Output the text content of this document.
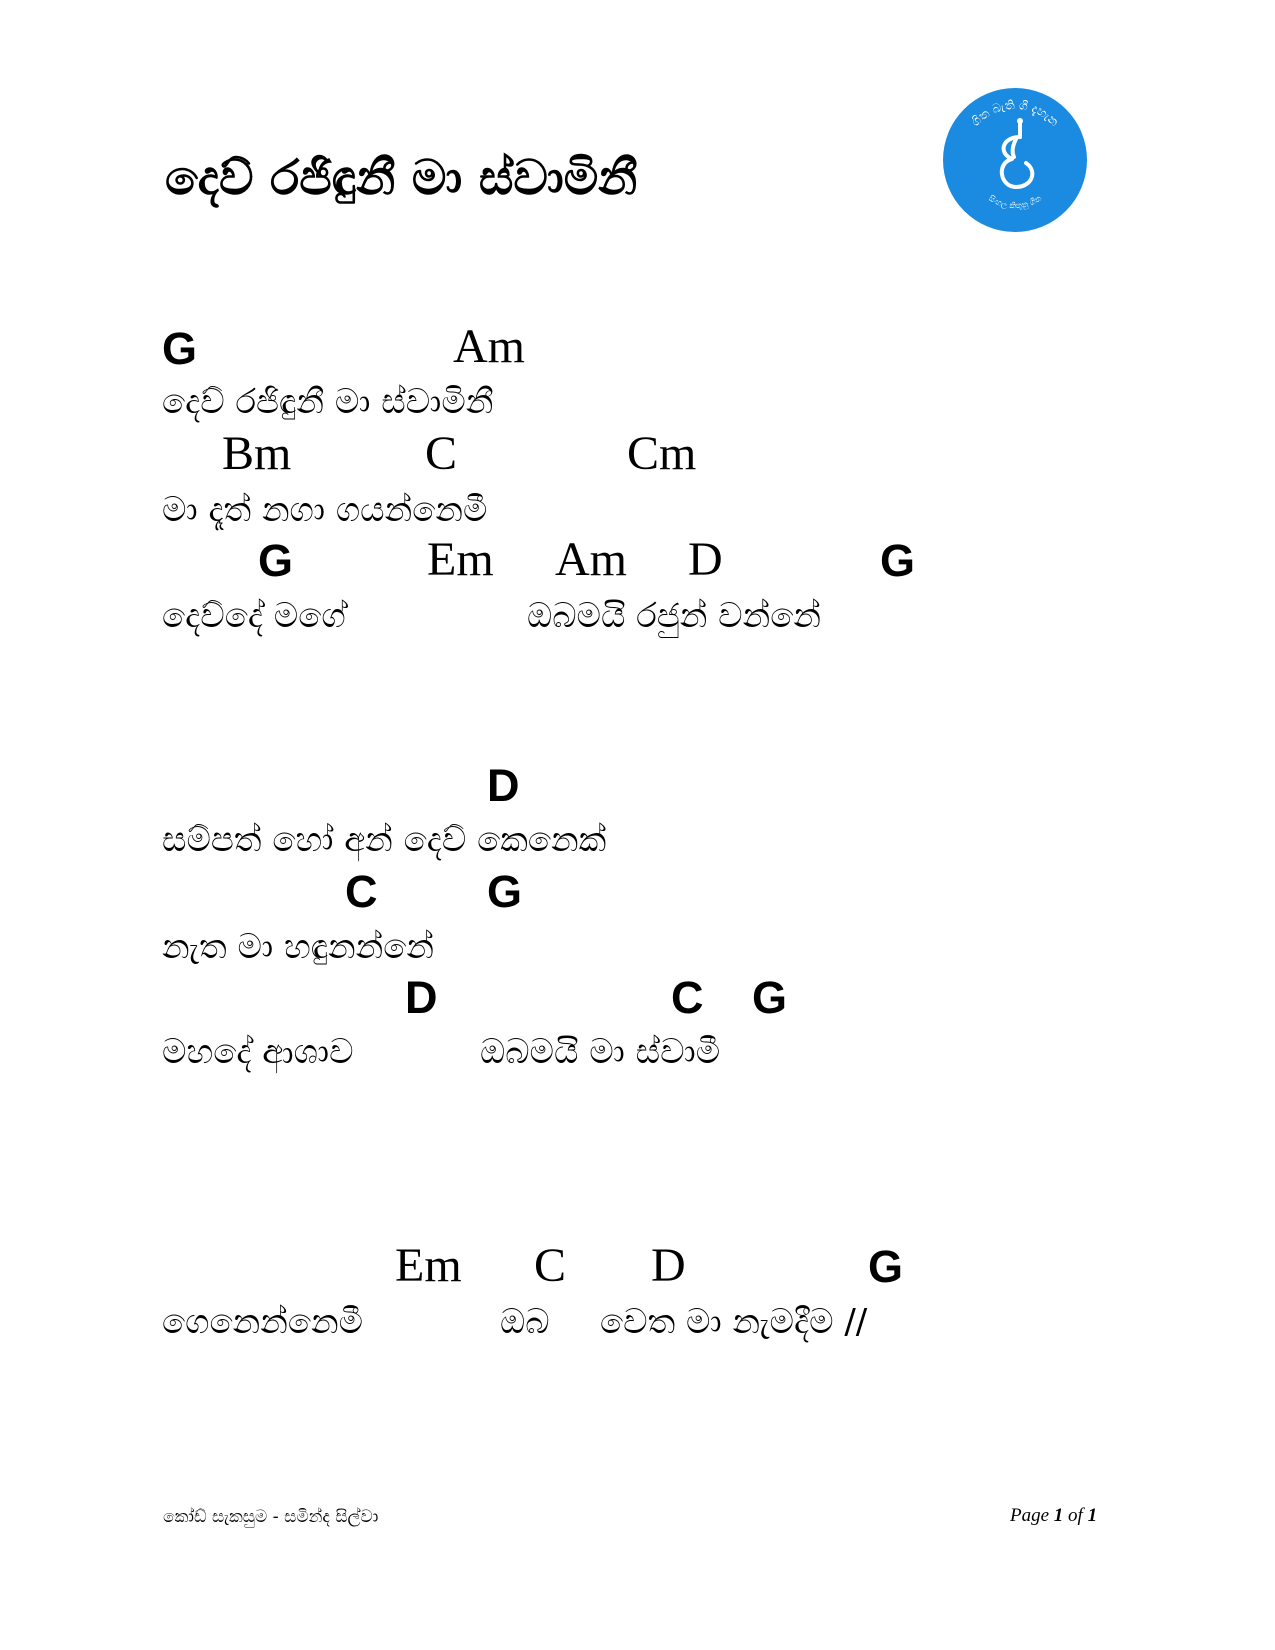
දෙව් රජිඳුනී මා ස්වාමිනී
ගිත බැති ගී දැහැන
සිංහල කිතුනු ගීත
G	Am
දෙව් රජිඳුනී මා ස්වාමිනී
Bm	C	Cm
මා දෑත් නගා ගයන්නෙමී
G	Em Am D	G
දෙව්දේ මගේ	ඔබමයි රජුන් වන්නේ
D
සම්පත් හෝ අන් දෙව් කෙනෙක්
C G
නැත මා හඳුනන්නේ
D	C G
මහදේ ආශාව	ඔබමයි මා ස්වාමී
Em C D	G
ගෙනෙන්නෙමී	ඔබ වෙත මා නැමදීම //
කෝඩ් සැකසුම - සමින්ද සිල්වා	Page 1 of 1
